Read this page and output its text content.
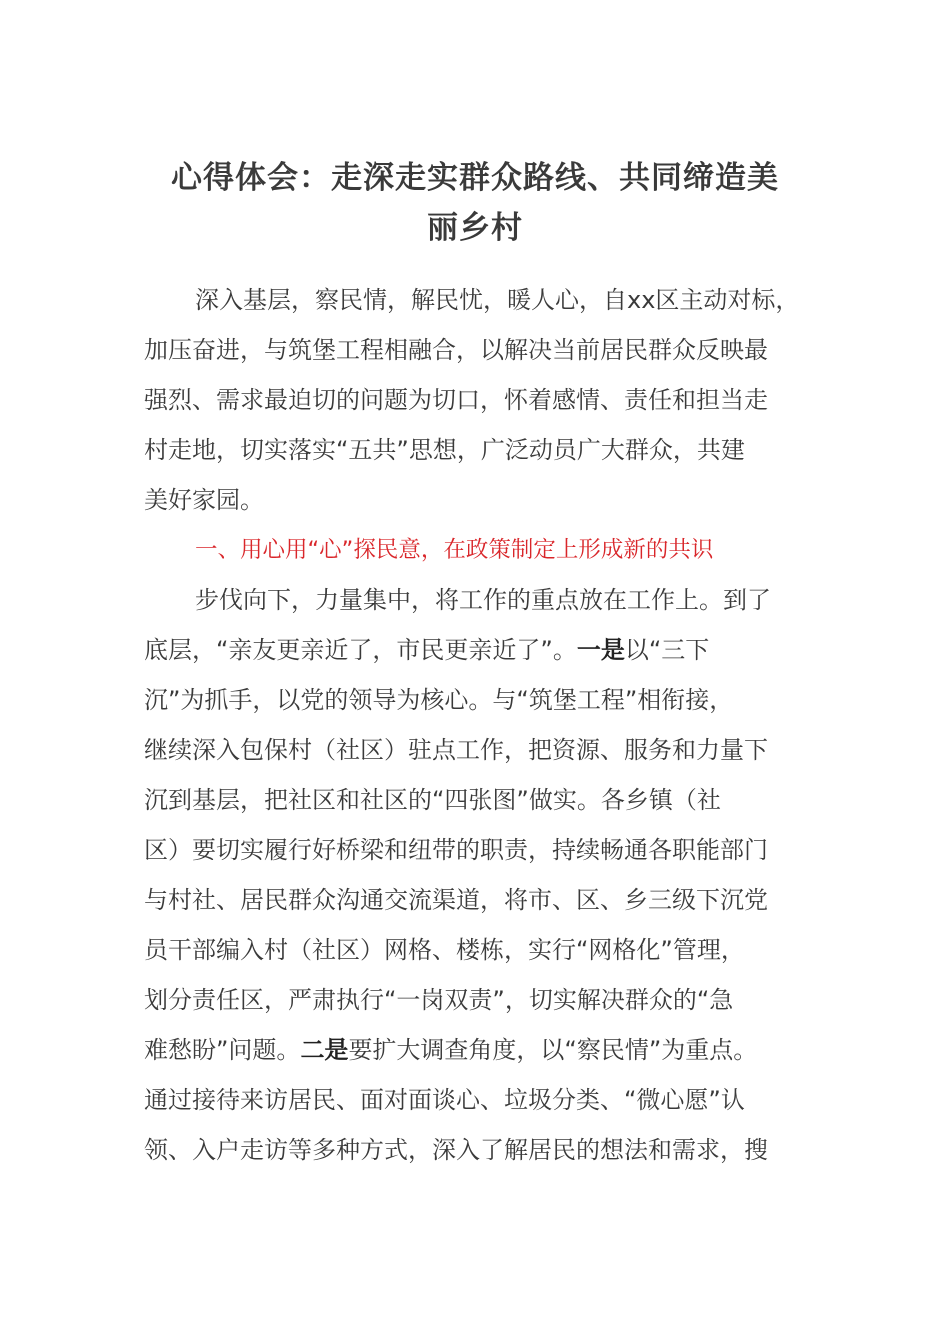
心得体会：走深走实群众路线、共同缔造美
丽乡村

深入基层，察民情，解民忧，暖人心，自xx区主动对标，

加压奋进，与筑堡工程相融合，以解决当前居民群众反映最

强烈、需求最迫切的问题为切口，怀着感情、责任和担当走

村走地，切实落实“五共”思想，广泛动员广大群众，共建

美好家园。

一、用心用“心”探民意，在政策制定上形成新的共识

步伐向下，力量集中，将工作的重点放在工作上。到了

底层，“亲友更亲近了，市民更亲近了”。一是以“三下

沉”为抓手，以党的领导为核心。与“筑堡工程”相衔接，

继续深入包保村（社区）驻点工作，把资源、服务和力量下

沉到基层，把社区和社区的“四张图”做实。各乡镇（社

区）要切实履行好桥梁和纽带的职责，持续畅通各职能部门

与村社、居民群众沟通交流渠道，将市、区、乡三级下沉党

员干部编入村（社区）网格、楼栋，实行“网格化”管理，

划分责任区，严肃执行“一岗双责”，切实解决群众的“急

难愁盼”问题。二是要扩大调查角度，以“察民情”为重点。

通过接待来访居民、面对面谈心、垃圾分类、“微心愿”认

领、入户走访等多种方式，深入了解居民的想法和需求，搜
